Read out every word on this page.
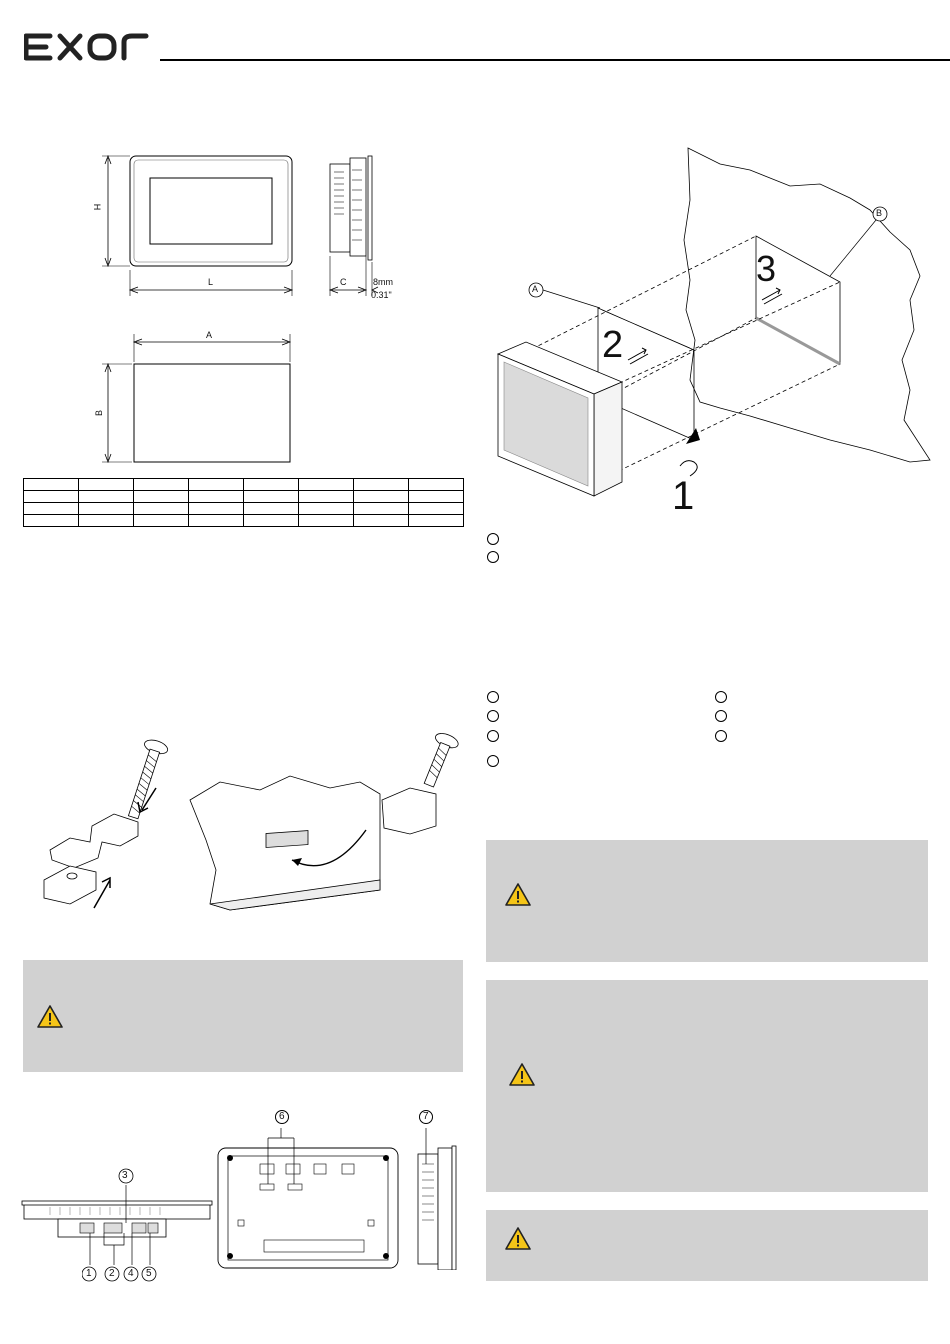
H
L	C	8mm
0.31"
A
B

A
B
1
2
3
3
1 2 4 5
6	7
